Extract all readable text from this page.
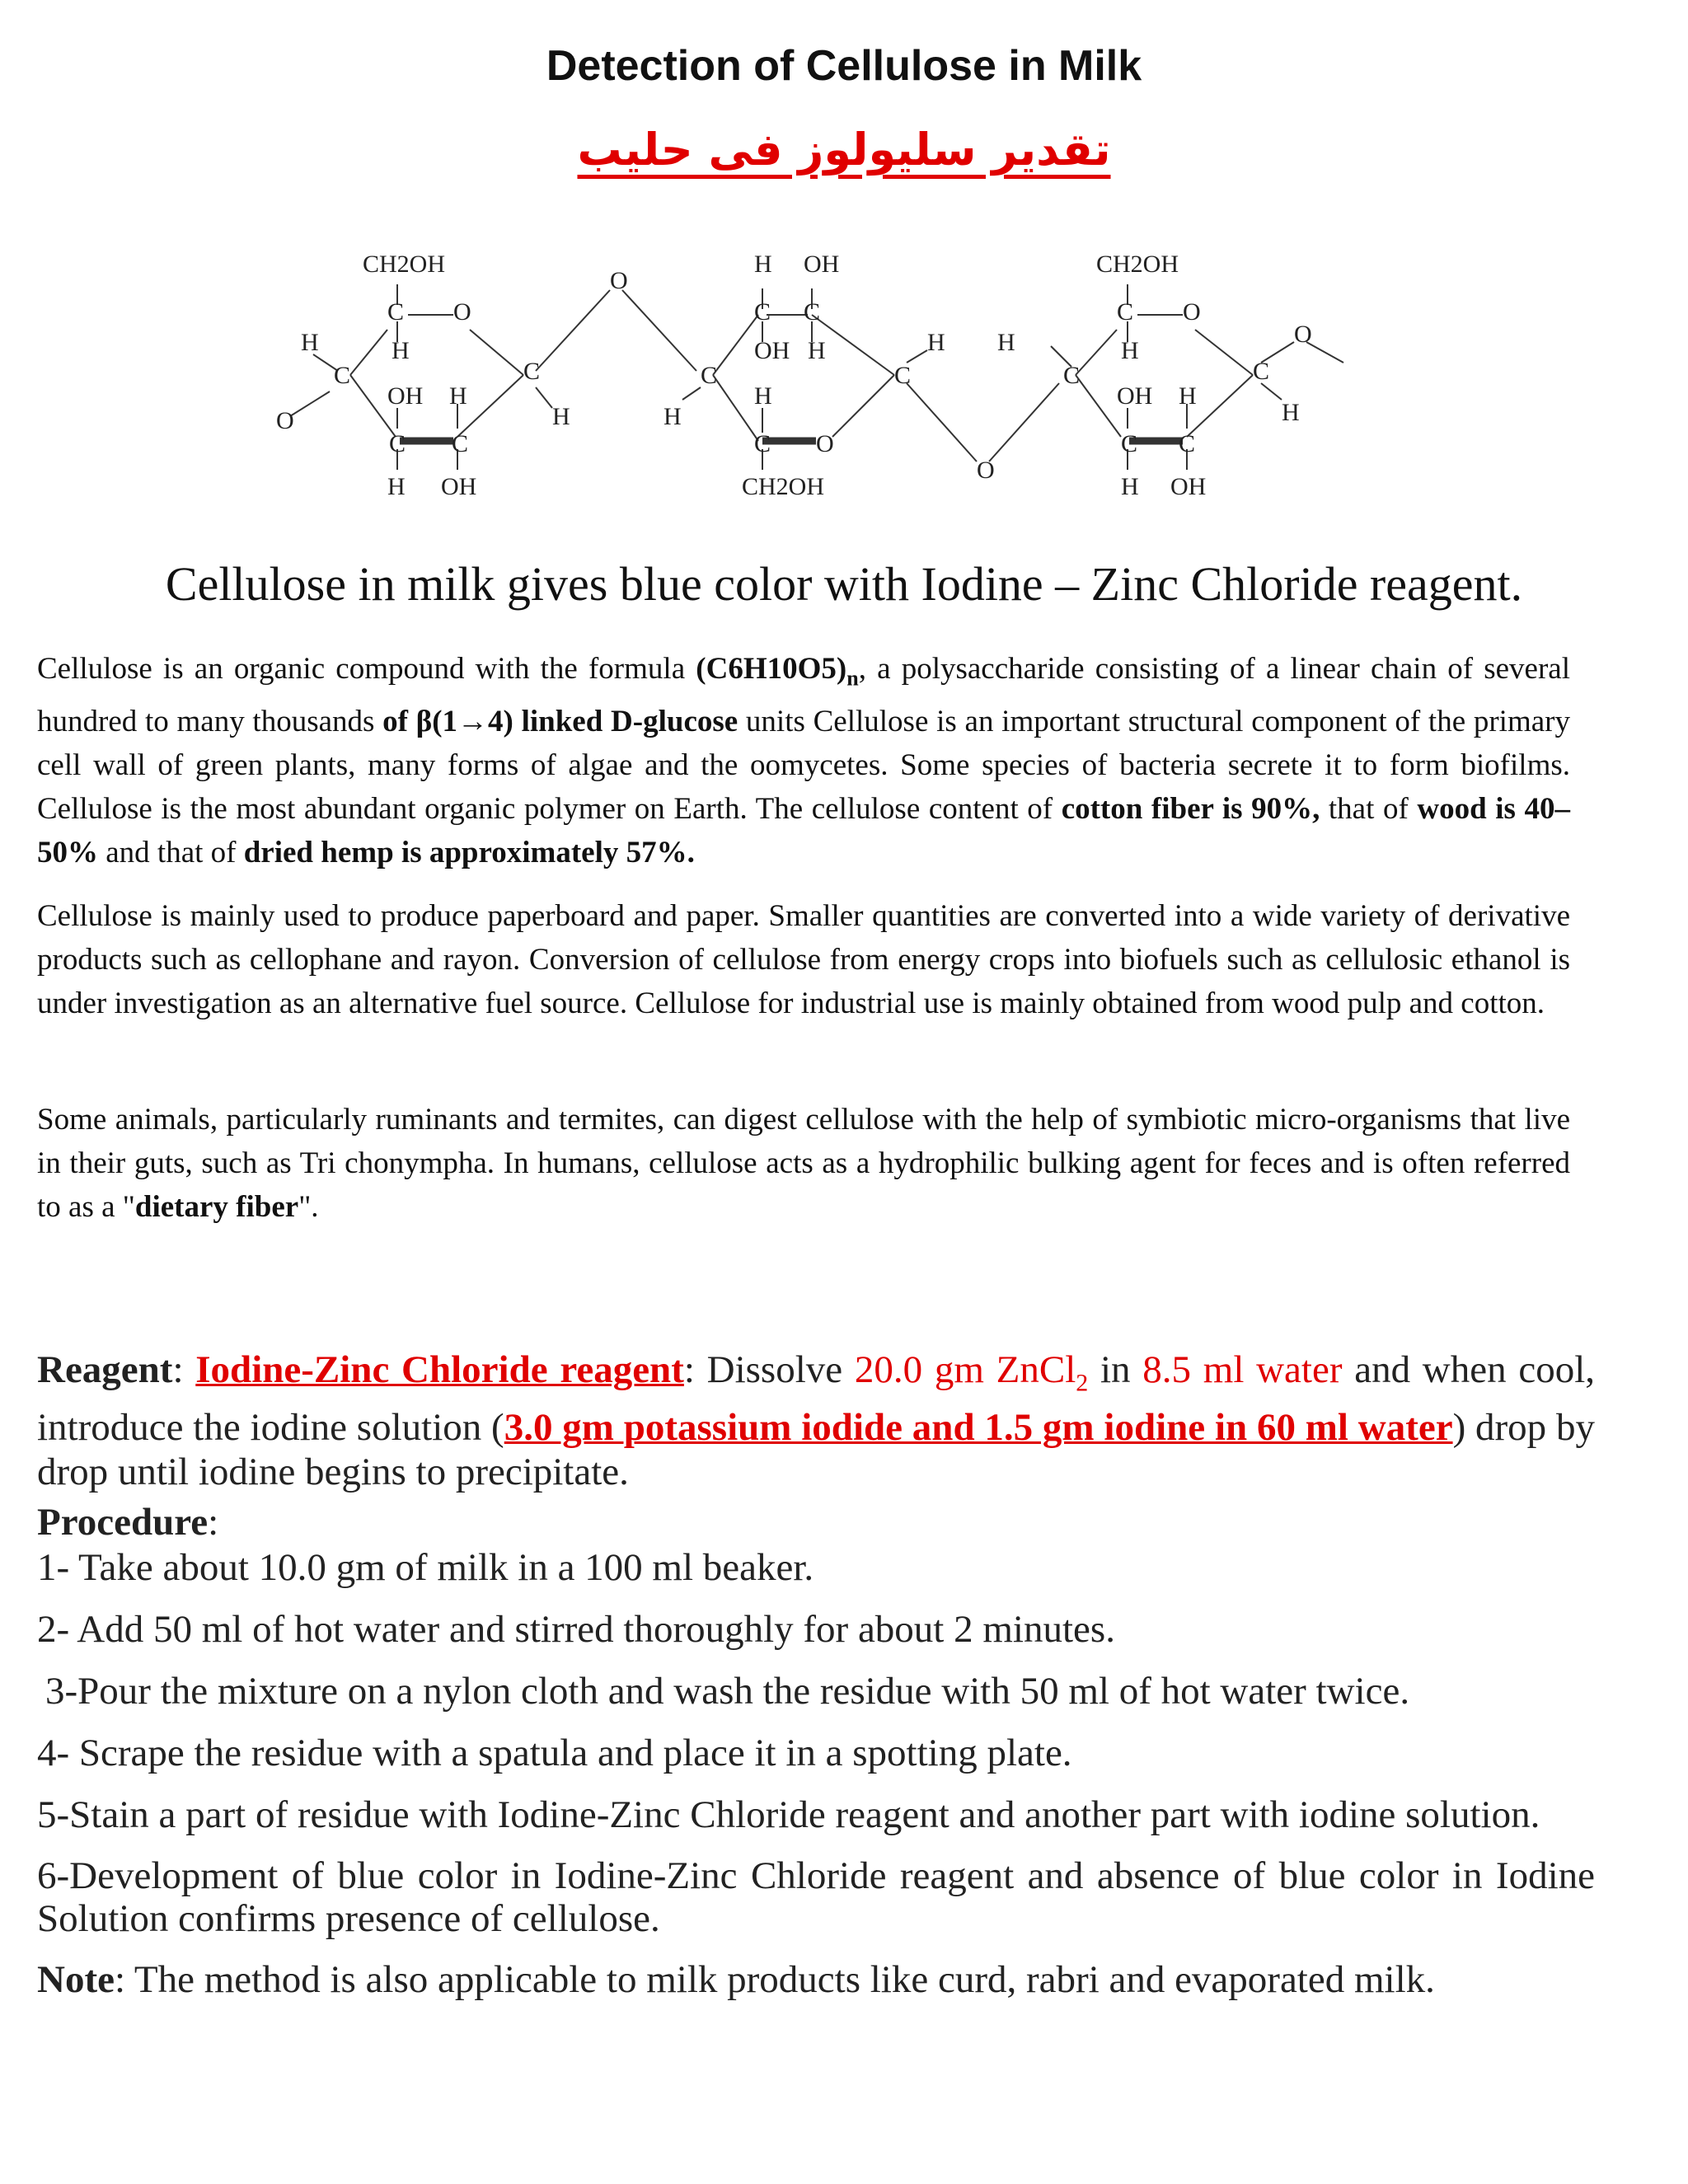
Detection of Cellulose in Milk
تقدير سليولوز فى حليب
CH2OH
C O
H	H
C
O
OH H
C
C C
H OH
H
O
H OH
C C
OH H
C	C
H
H
C O
CH2OH
H H
O
CH2OH
C O
H
C
OH H
C
C C
H OH
O
H
Cellulose in milk gives blue color with Iodine – Zinc Chloride reagent.
Cellulose is an organic compound with the formula $(C6H10O5)_n$, a polysaccharide consisting of a linear chain of several hundred to many thousands of β(1→4) linked D-glucose units Cellulose is an important structural component of the primary cell wall of green plants, many forms of algae and the oomycetes. Some species of bacteria secrete it to form biofilms. Cellulose is the most abundant organic polymer on Earth. The cellulose content of cotton fiber is 90%, that of wood is 40–50% and that of dried hemp is approximately 57%.
Cellulose is mainly used to produce paperboard and paper. Smaller quantities are converted into a wide variety of derivative products such as cellophane and rayon. Conversion of cellulose from energy crops into biofuels such as cellulosic ethanol is under investigation as an alternative fuel source. Cellulose for industrial use is mainly obtained from wood pulp and cotton.
Some animals, particularly ruminants and termites, can digest cellulose with the help of symbiotic micro-organisms that live in their guts, such as Tri chonympha. In humans, cellulose acts as a hydrophilic bulking agent for feces and is often referred to as a "dietary fiber".
Reagent: Iodine-Zinc Chloride reagent: Dissolve 20.0 gm ZnCl$_2$ in 8.5 ml water and when cool, introduce the iodine solution (3.0 gm potassium iodide and 1.5 gm iodine in 60 ml water) drop by drop until iodine begins to precipitate.
Procedure:
1- Take about 10.0 gm of milk in a 100 ml beaker.
2- Add 50 ml of hot water and stirred thoroughly for about 2 minutes.
3-Pour the mixture on a nylon cloth and wash the residue with 50 ml of hot water twice.
4- Scrape the residue with a spatula and place it in a spotting plate.
5-Stain a part of residue with Iodine-Zinc Chloride reagent and another part with iodine solution.
6-Development of blue color in Iodine-Zinc Chloride reagent and absence of blue color in Iodine Solution confirms presence of cellulose.
Note: The method is also applicable to milk products like curd, rabri and evaporated milk.
